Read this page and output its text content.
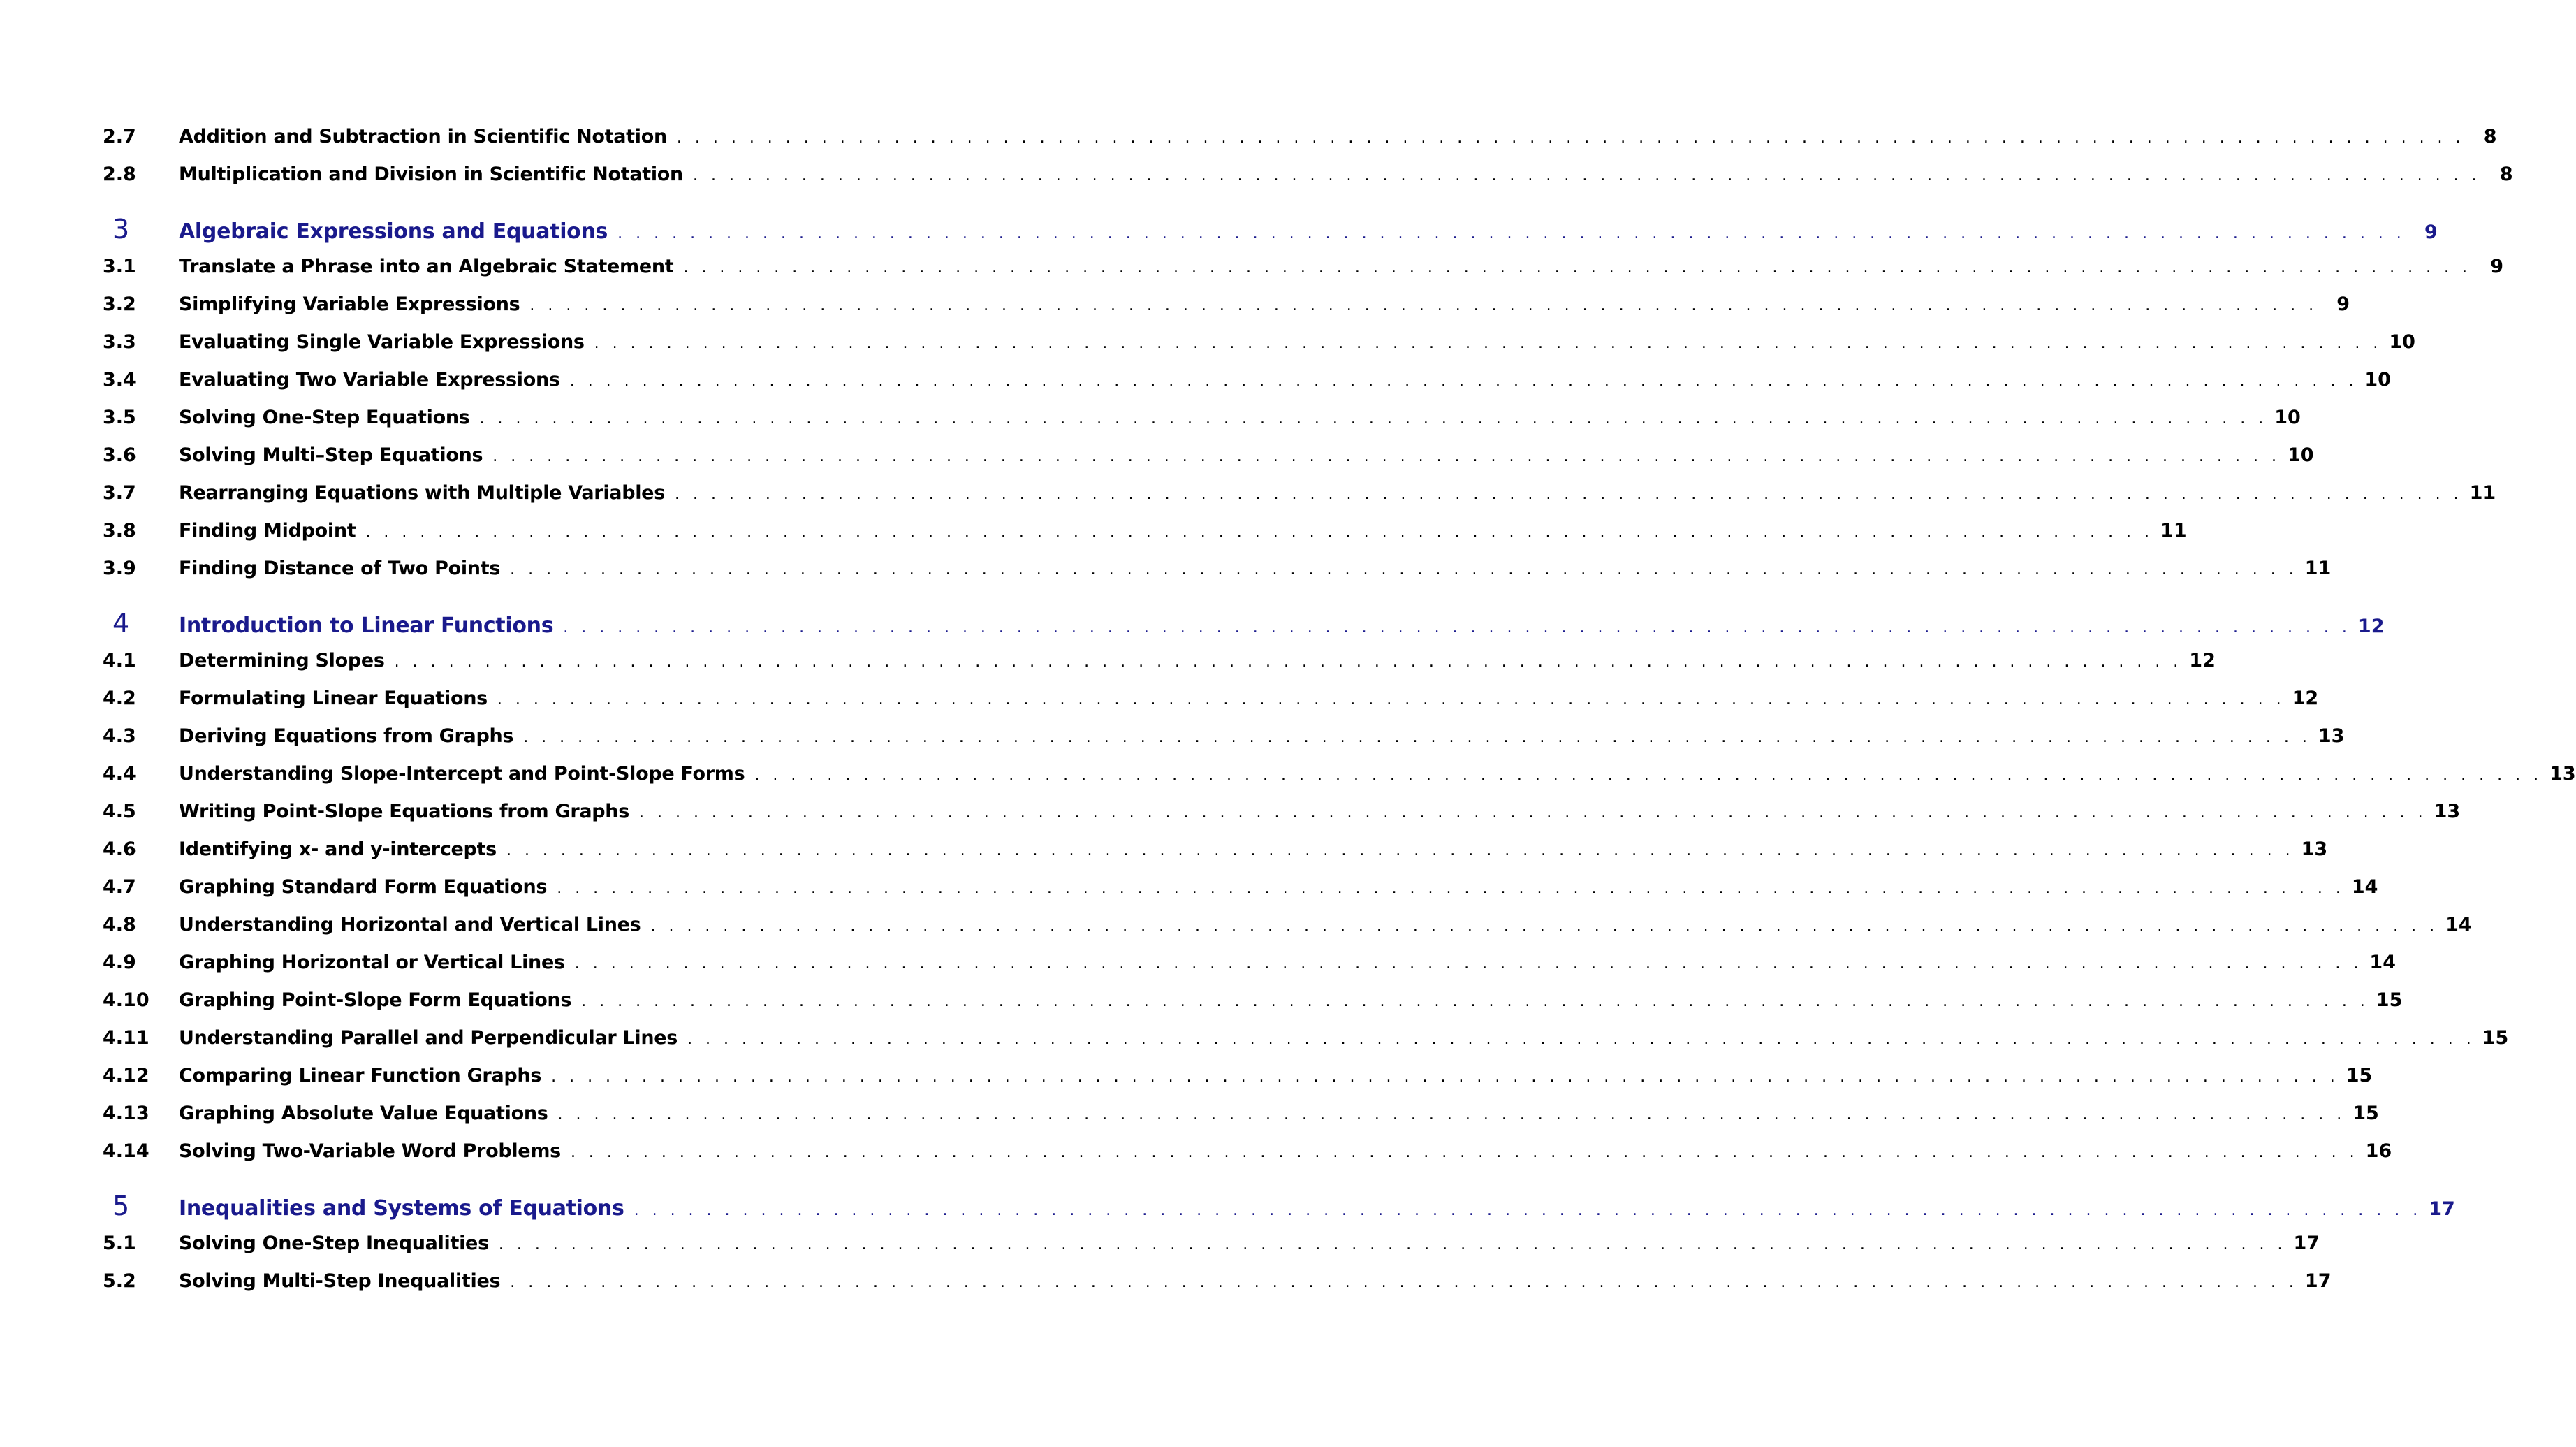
2.7	Addition and Subtraction in Scientific Notation . . . . . . . . . . . . . . . . . . . . . . . . . . . . . . . . . . . . . . . . . . . . . . . . . . . . . . . . . . . . . . . . . . . . . . . . . . . . . . . . . . . . . . . . . . . . . . . . . . .	8
2.8	Multiplication and Division in Scientific Notation . . . . . . . . . . . . . . . . . . . . . . . . . . . . . . . . . . . . . . . . . . . . . . . . . . . . . . . . . . . . . . . . . . . . . . . . . . . . . . . . . . . . . . . . . . . . . . . . . . .	8
3	Algebraic Expressions and Equations . . . . . . . . . . . . . . . . . . . . . . . . . . . . . . . . . . . . . . . . . . . . . . . . . . . . . . . . . . . . . . . . . . . . . . . . . . . . . . . . . . . . . . . . . . . . . . . . . . .	9
3.1	Translate a Phrase into an Algebraic Statement . . . . . . . . . . . . . . . . . . . . . . . . . . . . . . . . . . . . . . . . . . . . . . . . . . . . . . . . . . . . . . . . . . . . . . . . . . . . . . . . . . . . . . . . . . . . . . . . . . .	9
3.2	Simplifying Variable Expressions . . . . . . . . . . . . . . . . . . . . . . . . . . . . . . . . . . . . . . . . . . . . . . . . . . . . . . . . . . . . . . . . . . . . . . . . . . . . . . . . . . . . . . . . . . . . . . . . . . .	9
3.3	Evaluating Single Variable Expressions . . . . . . . . . . . . . . . . . . . . . . . . . . . . . . . . . . . . . . . . . . . . . . . . . . . . . . . . . . . . . . . . . . . . . . . . . . . . . . . . . . . . . . . . . . . . . . . . . . . 10
3.4	Evaluating Two Variable Expressions . . . . . . . . . . . . . . . . . . . . . . . . . . . . . . . . . . . . . . . . . . . . . . . . . . . . . . . . . . . . . . . . . . . . . . . . . . . . . . . . . . . . . . . . . . . . . . . . . . . 10
3.5	Solving One-Step Equations . . . . . . . . . . . . . . . . . . . . . . . . . . . . . . . . . . . . . . . . . . . . . . . . . . . . . . . . . . . . . . . . . . . . . . . . . . . . . . . . . . . . . . . . . . . . . . . . . . . 10
3.6	Solving Multi–Step Equations . . . . . . . . . . . . . . . . . . . . . . . . . . . . . . . . . . . . . . . . . . . . . . . . . . . . . . . . . . . . . . . . . . . . . . . . . . . . . . . . . . . . . . . . . . . . . . . . . . . 10
3.7	Rearranging Equations with Multiple Variables . . . . . . . . . . . . . . . . . . . . . . . . . . . . . . . . . . . . . . . . . . . . . . . . . . . . . . . . . . . . . . . . . . . . . . . . . . . . . . . . . . . . . . . . . . . . . . . . . . . 11
3.8	Finding Midpoint . . . . . . . . . . . . . . . . . . . . . . . . . . . . . . . . . . . . . . . . . . . . . . . . . . . . . . . . . . . . . . . . . . . . . . . . . . . . . . . . . . . . . . . . . . . . . . . . . . . 11
3.9	Finding Distance of Two Points . . . . . . . . . . . . . . . . . . . . . . . . . . . . . . . . . . . . . . . . . . . . . . . . . . . . . . . . . . . . . . . . . . . . . . . . . . . . . . . . . . . . . . . . . . . . . . . . . . . 11
4	Introduction to Linear Functions . . . . . . . . . . . . . . . . . . . . . . . . . . . . . . . . . . . . . . . . . . . . . . . . . . . . . . . . . . . . . . . . . . . . . . . . . . . . . . . . . . . . . . . . . . . . . . . . . . . 12
4.1	Determining Slopes . . . . . . . . . . . . . . . . . . . . . . . . . . . . . . . . . . . . . . . . . . . . . . . . . . . . . . . . . . . . . . . . . . . . . . . . . . . . . . . . . . . . . . . . . . . . . . . . . . . 12
4.2	Formulating Linear Equations . . . . . . . . . . . . . . . . . . . . . . . . . . . . . . . . . . . . . . . . . . . . . . . . . . . . . . . . . . . . . . . . . . . . . . . . . . . . . . . . . . . . . . . . . . . . . . . . . . . 12
4.3	Deriving Equations from Graphs . . . . . . . . . . . . . . . . . . . . . . . . . . . . . . . . . . . . . . . . . . . . . . . . . . . . . . . . . . . . . . . . . . . . . . . . . . . . . . . . . . . . . . . . . . . . . . . . . . . 13
4.4	Understanding Slope-Intercept and Point-Slope Forms . . . . . . . . . . . . . . . . . . . . . . . . . . . . . . . . . . . . . . . . . . . . . . . . . . . . . . . . . . . . . . . . . . . . . . . . . . . . . . . . . . . . . . . . . . . . . . . . . . . 13
4.5	Writing Point-Slope Equations from Graphs . . . . . . . . . . . . . . . . . . . . . . . . . . . . . . . . . . . . . . . . . . . . . . . . . . . . . . . . . . . . . . . . . . . . . . . . . . . . . . . . . . . . . . . . . . . . . . . . . . . 13
4.6	Identifying x- and y-intercepts . . . . . . . . . . . . . . . . . . . . . . . . . . . . . . . . . . . . . . . . . . . . . . . . . . . . . . . . . . . . . . . . . . . . . . . . . . . . . . . . . . . . . . . . . . . . . . . . . . . 13
4.7	Graphing Standard Form Equations . . . . . . . . . . . . . . . . . . . . . . . . . . . . . . . . . . . . . . . . . . . . . . . . . . . . . . . . . . . . . . . . . . . . . . . . . . . . . . . . . . . . . . . . . . . . . . . . . . . 14
4.8	Understanding Horizontal and Vertical Lines . . . . . . . . . . . . . . . . . . . . . . . . . . . . . . . . . . . . . . . . . . . . . . . . . . . . . . . . . . . . . . . . . . . . . . . . . . . . . . . . . . . . . . . . . . . . . . . . . . . 14
4.9	Graphing Horizontal or Vertical Lines . . . . . . . . . . . . . . . . . . . . . . . . . . . . . . . . . . . . . . . . . . . . . . . . . . . . . . . . . . . . . . . . . . . . . . . . . . . . . . . . . . . . . . . . . . . . . . . . . . . 14
4.10	Graphing Point-Slope Form Equations . . . . . . . . . . . . . . . . . . . . . . . . . . . . . . . . . . . . . . . . . . . . . . . . . . . . . . . . . . . . . . . . . . . . . . . . . . . . . . . . . . . . . . . . . . . . . . . . . . . 15
4.11	Understanding Parallel and Perpendicular Lines . . . . . . . . . . . . . . . . . . . . . . . . . . . . . . . . . . . . . . . . . . . . . . . . . . . . . . . . . . . . . . . . . . . . . . . . . . . . . . . . . . . . . . . . . . . . . . . . . . . 15
4.12	Comparing Linear Function Graphs . . . . . . . . . . . . . . . . . . . . . . . . . . . . . . . . . . . . . . . . . . . . . . . . . . . . . . . . . . . . . . . . . . . . . . . . . . . . . . . . . . . . . . . . . . . . . . . . . . . 15
4.13	Graphing Absolute Value Equations . . . . . . . . . . . . . . . . . . . . . . . . . . . . . . . . . . . . . . . . . . . . . . . . . . . . . . . . . . . . . . . . . . . . . . . . . . . . . . . . . . . . . . . . . . . . . . . . . . . 15
4.14	Solving Two-Variable Word Problems . . . . . . . . . . . . . . . . . . . . . . . . . . . . . . . . . . . . . . . . . . . . . . . . . . . . . . . . . . . . . . . . . . . . . . . . . . . . . . . . . . . . . . . . . . . . . . . . . . . 16
5	Inequalities and Systems of Equations . . . . . . . . . . . . . . . . . . . . . . . . . . . . . . . . . . . . . . . . . . . . . . . . . . . . . . . . . . . . . . . . . . . . . . . . . . . . . . . . . . . . . . . . . . . . . . . . . . . 17
5.1	Solving One-Step Inequalities . . . . . . . . . . . . . . . . . . . . . . . . . . . . . . . . . . . . . . . . . . . . . . . . . . . . . . . . . . . . . . . . . . . . . . . . . . . . . . . . . . . . . . . . . . . . . . . . . . . 17
5.2	Solving Multi-Step Inequalities . . . . . . . . . . . . . . . . . . . . . . . . . . . . . . . . . . . . . . . . . . . . . . . . . . . . . . . . . . . . . . . . . . . . . . . . . . . . . . . . . . . . . . . . . . . . . . . . . . . 17
